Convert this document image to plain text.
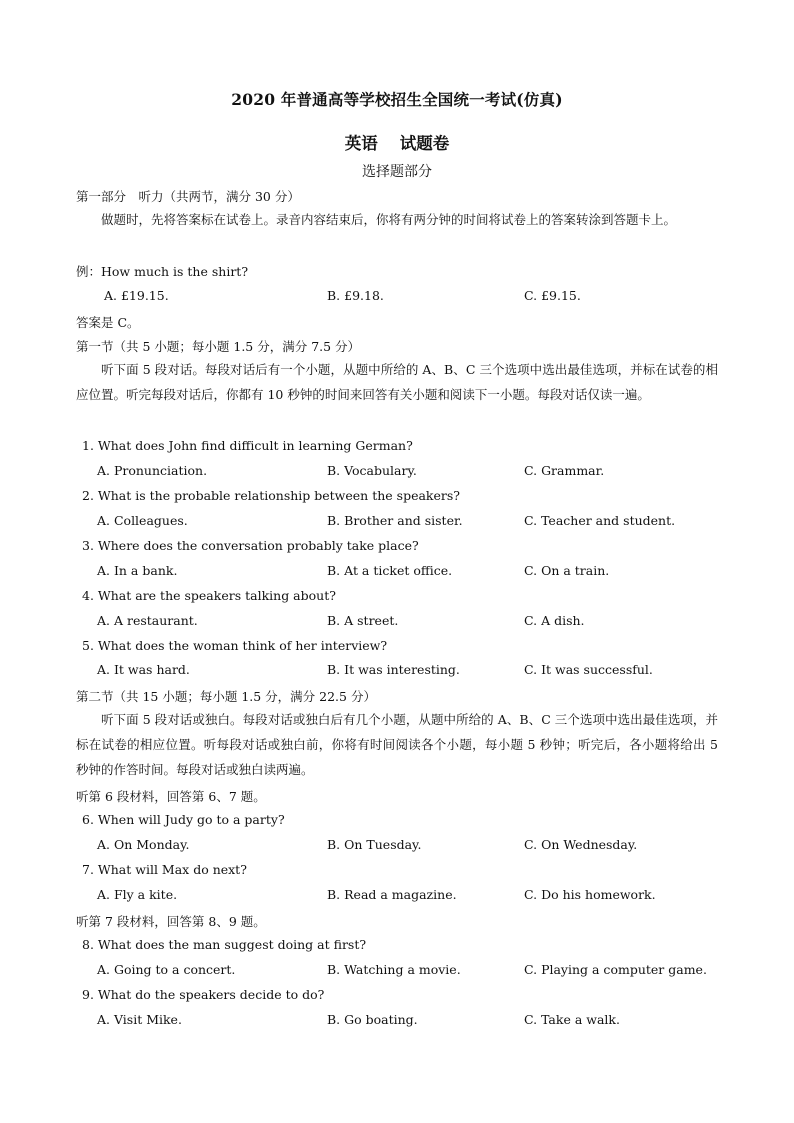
2020 年普通高等学校招生全国统一考试(仿真)
英语 试题卷
选择题部分
第一部分　听力（共两节，满分 30 分）
做题时，先将答案标在试卷上。录音内容结束后，你将有两分钟的时间将试卷上的答案转涂到答题卡上。
例：How much is the shirt?
A. £19.15.	B. £9.18.	C. £9.15.
答案是 C。
第一节（共 5 小题；每小题 1.5 分，满分 7.5 分）
听下面 5 段对话。每段对话后有一个小题，从题中所给的 A、B、C 三个选项中选出最佳选项，并标在试卷的相应位置。听完每段对话后，你都有 10 秒钟的时间来回答有关小题和阅读下一小题。每段对话仅读一遍。
1. What does John find difficult in learning German?
A. Pronunciation.	B. Vocabulary.	C. Grammar.
2. What is the probable relationship between the speakers?
A. Colleagues.	B. Brother and sister.	C. Teacher and student.
3. Where does the conversation probably take place?
A. In a bank.	B. At a ticket office.	C. On a train.
4. What are the speakers talking about?
A. A restaurant.	B. A street.	C. A dish.
5. What does the woman think of her interview?
A. It was hard.	B. It was interesting.	C. It was successful.
第二节（共 15 小题；每小题 1.5 分，满分 22.5 分）
听下面 5 段对话或独白。每段对话或独白后有几个小题，从题中所给的 A、B、C 三个选项中选出最佳选项，并标在试卷的相应位置。听每段对话或独白前，你将有时间阅读各个小题，每小题 5 秒钟；听完后，各小题将给出 5 秒钟的作答时间。每段对话或独白读两遍。
听第 6 段材料，回答第 6、7 题。
6. When will Judy go to a party?
A. On Monday.	B. On Tuesday.	C. On Wednesday.
7. What will Max do next?
A. Fly a kite.	B. Read a magazine.	C. Do his homework.
听第 7 段材料，回答第 8、9 题。
8. What does the man suggest doing at first?
A. Going to a concert.	B. Watching a movie.	C. Playing a computer game.
9. What do the speakers decide to do?
A. Visit Mike.	B. Go boating.	C. Take a walk.
